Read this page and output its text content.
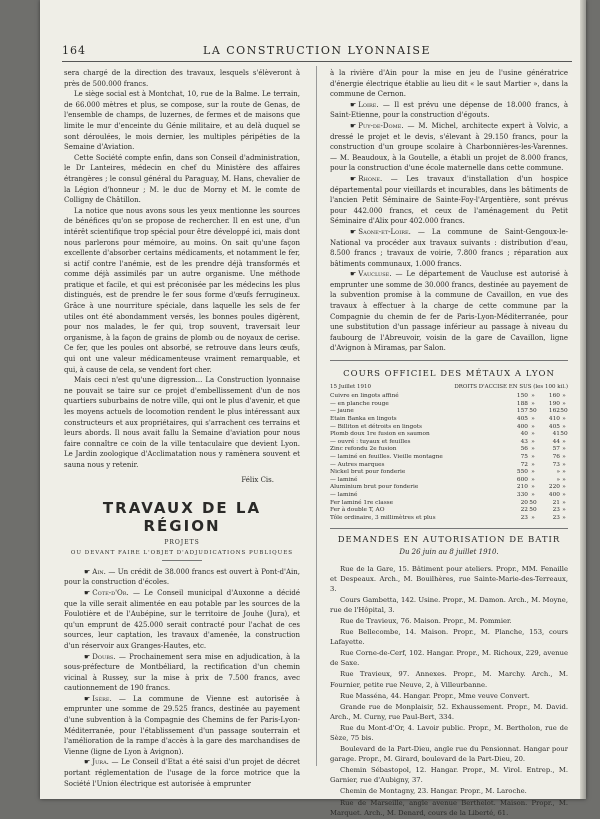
164	LA CONSTRUCTION LYONNAISE

sera chargé de la direction des travaux, lesquels s'élèveront à près de 500.000 francs.

Le siège social est à Montchat, 10, rue de la Balme. Le terrain, de 66.000 mètres et plus, se compose, sur la route de Genas, de l'ensemble de champs, de luzernes, de fermes et de maisons que limite le mur d'enceinte du Génie militaire, et au delà duquel se sont déroulées, le mois dernier, les multiples péripéties de la Semaine d'Aviation.

Cette Société compte enfin, dans son Conseil d'administration, le Dr Lanteires, médecin en chef du Ministère des affaires étrangères ; le consul général du Paraguay, M. Hans, chevalier de la Légion d'honneur ; M. le duc de Morny et M. le comte de Colligny de Châtillon.

La notice que nous avons sous les yeux mentionne les sources de bénéfices qu'on se propose de rechercher. Il en est une, d'un intérêt scientifique trop spécial pour être développé ici, mais dont nous parlerons pour mémoire, au moins. On sait qu'une façon excellente d'absorber certains médicaments, et notamment le fer, si actif contre l'anémie, est de les prendre déjà transformés et comme déjà assimilés par un autre organisme. Une méthode pratique et facile, et qui est préconisée par les médecins les plus distingués, est de prendre le fer sous forme d'œufs ferrugineux. Grâce à une nourriture spéciale, dans laquelle les sels de fer utiles ont été abondamment versés, les bonnes poules digèrent, pour nos malades, le fer qui, trop souvent, traversait leur organisme, à la façon de grains de plomb ou de noyaux de cerise. Ce fer, que les poules ont absorbé, se retrouve dans leurs œufs, qui ont une valeur médicamenteuse vraiment remarquable, et qui, à cause de cela, se vendent fort cher.

Mais ceci n'est qu'une digression... La Construction lyonnaise ne pouvait se taire sur ce projet d'embellissement d'un de nos quartiers suburbains de notre ville, qui ont le plus d'avenir, et que les moyens actuels de locomotion rendent le plus intéressant aux constructeurs et aux propriétaires, qui s'arrachent ces terrains et leurs abords. Il nous avait fallu la Semaine d'aviation pour nous faire connaître ce coin de la ville tentaculaire que devient Lyon. Le Jardin zoologique d'Acclimatation nous y ramènera souvent et sauna nous y retenir.

Félix Cis.
TRAVAUX DE LA RÉGION
PROJETS
OU DEVANT FAIRE L'OBJET D'ADJUDICATIONS PUBLIQUES

☛ Ain. — Un crédit de 38.000 francs est ouvert à Pont-d'Ain, pour la construction d'écoles.

☛ Cote-d'Or. — Le Conseil municipal d'Auxonne a décidé que la ville serait alimentée en eau potable par les sources de la Foulotière et de l'Aubépine, sur le territoire de Jouhe (Jura), et qu'un emprunt de 425.000 serait contracté pour l'achat de ces sources, leur captation, les travaux d'amenée, la construction d'un réservoir aux Granges-Hautes, etc.

☛ Doubs. — Prochainement sera mise en adjudication, à la sous-préfecture de Montbéliard, la rectification d'un chemin vicinal à Russey, sur la mise à prix de 7.500 francs, avec cautionnement de 190 francs.

☛ Isère. — La commune de Vienne est autorisée à emprunter une somme de 29.525 francs, destinée au payement d'une subvention à la Compagnie des Chemins de fer Paris-Lyon-Méditerranée, pour l'établissement d'un passage souterrain et l'amélioration de la rampe d'accès à la gare des marchandises de Vienne (ligne de Lyon à Avignon).

☛ Jura. — Le Conseil d'Etat a été saisi d'un projet de décret portant réglementation de l'usage de la force motrice que la Société l'Union électrique est autorisée à emprunter

à la rivière d'Ain pour la mise en jeu de l'usine génératrice d'énergie électrique établie au lieu dit « le saut Martier », dans la commune de Cernon.

☛ Loire. — Il est prévu une dépense de 18.000 francs, à Saint-Etienne, pour la construction d'égouts.

☛ Puy-de-Dome. — M. Michel, architecte expert à Volvic, a dressé le projet et le devis, s'élevant à 29.150 francs, pour la construction d'un groupe scolaire à Charbonnières-les-Varennes. — M. Beaudoux, à la Goutelle, a établi un projet de 8.000 francs, pour la construction d'une école maternelle dans cette commune.

☛ Rhone. — Les travaux d'installation d'un hospice départemental pour vieillards et incurables, dans les bâtiments de l'ancien Petit Séminaire de Sainte-Foy-l'Argentière, sont prévus pour 442.000 francs, et ceux de l'aménagement du Petit Séminaire d'Alix pour 402.000 francs.

☛ Saone-et-Loire. — La commune de Saint-Gengoux-le-National va procéder aux travaux suivants : distribution d'eau, 8.500 francs ; travaux de voirie, 7.800 francs ; réparation aux bâtiments communaux, 1.000 francs.

☛ Vaucluse. — Le département de Vaucluse est autorisé à emprunter une somme de 30.000 francs, destinée au payement de la subvention promise à la commune de Cavaillon, en vue des travaux à effectuer à la charge de cette commune par la Compagnie du chemin de fer de Paris-Lyon-Méditerranée, pour une substitution d'un passage inférieur au passage à niveau du faubourg de l'Abreuvoir, voisin de la gare de Cavaillon, ligne d'Avignon à Miramas, par Salon.

COURS OFFICIEL DES MÉTAUX A LYON
15 Juillet 1910	DROITS D'ACCISE EN SUS (les 100 kil.)
Cuivre en lingots affiné	150	»	160	»
— en planche rouge	188	»	190	»
— jaune	157	50	162	50
Etain Banka en lingots	405	»	410	»
— Billiton et détroits en lingots	400	»	405	»
Plomb doux 1re fusion en saumon	40	»	41	50
— ouvré : tuyaux et feuilles	43	»	44	»
Zinc refondu 2e fusion	56	»	57	»
— laminé en feuilles. Vieille montagne	75	»	76	»
— Autres marques	72	»	73	»
Nickel brut pour fonderie	550	»	»	»
— laminé	600	»	»	»
Aluminium brut pour fonderie	210	»	220	»
— laminé	330	»	400	»
Fer laminé 1re classe	20	50	21	»
Fer à double T, AO	22	50	23	»
Tôle ordinaire, 3 millimètres et plus	23	»	23	»
DEMANDES EN AUTORISATION DE BATIR
Du 26 juin au 8 juillet 1910.

Rue de la Gare, 15. Bâtiment pour ateliers. Propr., MM. Fenaille et Despeaux. Arch., M. Bouilhères, rue Sainte-Marie-des-Terreaux, 3.

Cours Gambetta, 142. Usine. Propr., M. Damon. Arch., M. Moyne, rue de l'Hôpital, 3.

Rue de Travieux, 76. Maison. Propr., M. Pommier.

Rue Bellecombe, 14. Maison. Propr., M. Planche, 153, cours Lafayette.

Rue Corne-de-Cerf, 102. Hangar. Propr., M. Richoux, 229, avenue de Saxe.

Rue Travieux, 97. Annexes. Propr., M. Marchy. Arch., M. Fournier, petite rue Neuve, 2, à Villeurbanne.

Rue Masséna, 44. Hangar. Propr., Mme veuve Convert.

Grande rue de Monplaisir, 52. Exhaussement. Propr., M. David. Arch., M. Curny, rue Paul-Bert, 334.

Rue du Mont-d'Or, 4. Lavoir public. Propr., M. Bertholon, rue de Sèze, 75 bis.

Boulevard de la Part-Dieu, angle rue du Pensionnat. Hangar pour garage. Propr., M. Girard, boulevard de la Part-Dieu, 20.

Chemin Sébastopol, 12. Hangar. Propr., M. Virol. Entrep., M. Garnier, rue d'Aubigny, 37.

Chemin de Montagny, 23. Hangar. Propr., M. Laroche.

Rue de Marseille, angle avenue Berthelot. Maison. Propr., M. Marquet. Arch., M. Denard, cours de la Liberté, 61.
